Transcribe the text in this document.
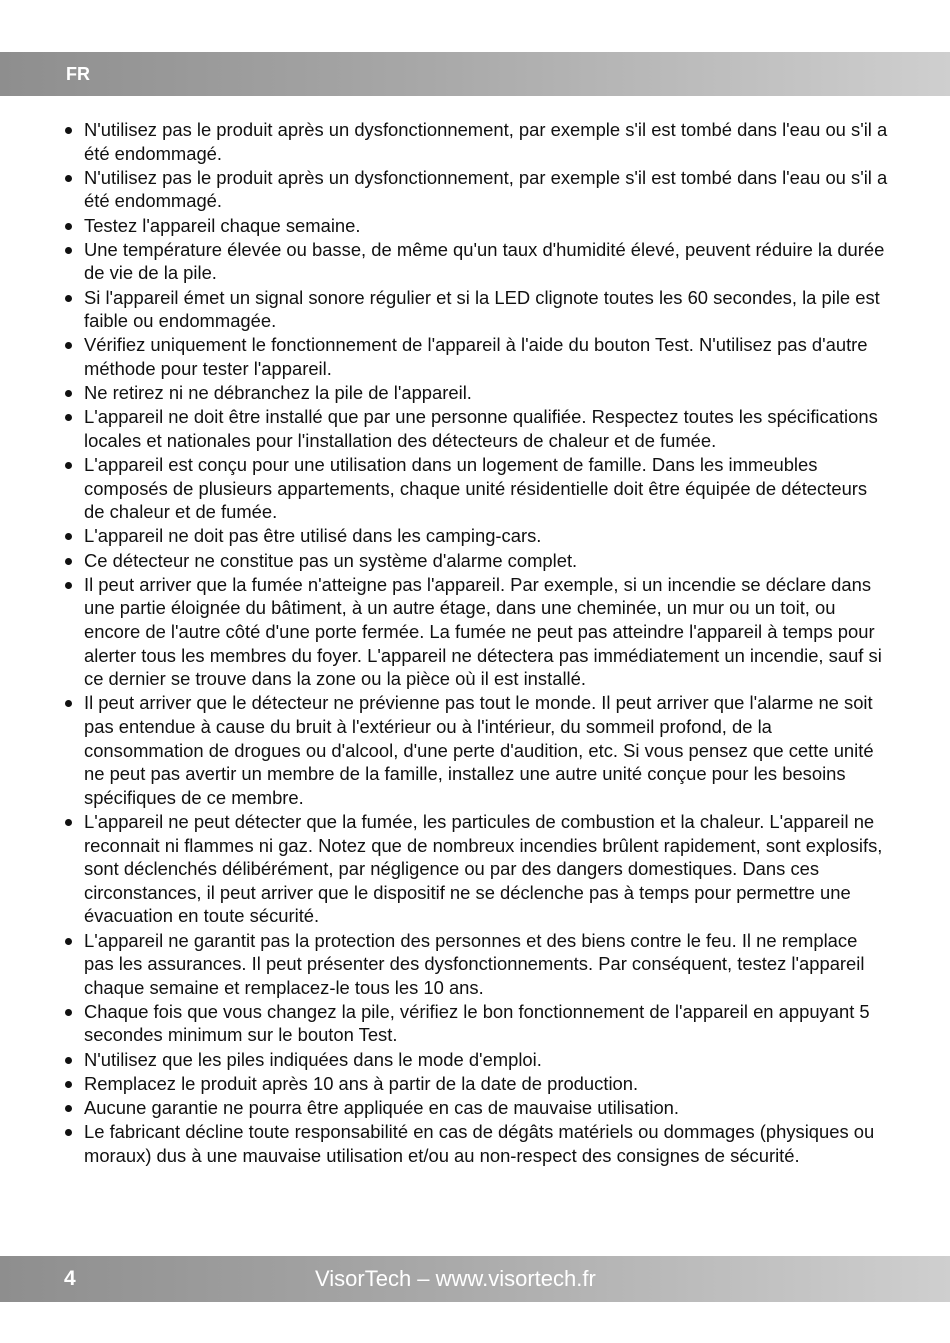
FR
N'utilisez pas le produit après un dysfonctionnement, par exemple s'il est tombé dans l'eau ou s'il a été endommagé.
N'utilisez pas le produit après un dysfonctionnement, par exemple s'il est tombé dans l'eau ou s'il a été endommagé.
Testez l'appareil chaque semaine.
Une température élevée ou basse, de même qu'un taux d'humidité élevé, peuvent réduire la durée de vie de la pile.
Si l'appareil émet un signal sonore régulier et si la LED clignote toutes les 60 secondes, la pile est faible ou endommagée.
Vérifiez uniquement le fonctionnement de l'appareil à l'aide du bouton Test. N'utilisez pas d'autre méthode pour tester l'appareil.
Ne retirez ni ne débranchez la pile de l'appareil.
L'appareil ne doit être installé que par une personne qualifiée. Respectez toutes les spécifications locales et nationales pour l'installation des détecteurs de chaleur et de fumée.
L'appareil est conçu pour une utilisation dans un logement de famille. Dans les immeubles composés de plusieurs appartements, chaque unité résidentielle doit être équipée de détecteurs de chaleur et de fumée.
L'appareil ne doit pas être utilisé dans les camping-cars.
Ce détecteur ne constitue pas un système d'alarme complet.
Il peut arriver que la fumée n'atteigne pas l'appareil. Par exemple, si un incendie se déclare dans une partie éloignée du bâtiment, à un autre étage, dans une cheminée, un mur ou un toit, ou encore de l'autre côté d'une porte fermée. La fumée ne peut pas atteindre l'appareil à temps pour alerter tous les membres du foyer. L'appareil ne détectera pas immédiatement un incendie, sauf si ce dernier se trouve dans la zone ou la pièce où il est installé.
Il peut arriver que le détecteur ne prévienne pas tout le monde. Il peut arriver que l'alarme ne soit pas entendue à cause du bruit à l'extérieur ou à l'intérieur, du sommeil profond, de la consommation de drogues ou d'alcool, d'une perte d'audition, etc. Si vous pensez que cette unité ne peut pas avertir un membre de la famille, installez une autre unité conçue pour les besoins spécifiques de ce membre.
L'appareil ne peut détecter que la fumée, les particules de combustion et la chaleur. L'appareil ne reconnait ni flammes ni gaz. Notez que de nombreux incendies brûlent rapidement, sont explosifs, sont déclenchés délibérément, par négligence ou par des dangers domestiques. Dans ces circonstances, il peut arriver que le dispositif ne se déclenche pas à temps pour permettre une évacuation en toute sécurité.
L'appareil ne garantit pas la protection des personnes et des biens contre le feu. Il ne remplace pas les assurances. Il peut présenter des dysfonctionnements. Par conséquent, testez l'appareil chaque semaine et remplacez-le tous les 10 ans.
Chaque fois que vous changez la pile, vérifiez le bon fonctionnement de l'appareil en appuyant 5 secondes minimum sur le bouton Test.
N'utilisez que les piles indiquées dans le mode d'emploi.
Remplacez le produit après 10 ans à partir de la date de production.
Aucune garantie ne pourra être appliquée en cas de mauvaise utilisation.
Le fabricant décline toute responsabilité en cas de dégâts matériels ou dommages (physiques ou moraux) dus à une mauvaise utilisation et/ou au non-respect des consignes de sécurité.
4	VisorTech – www.visortech.fr
